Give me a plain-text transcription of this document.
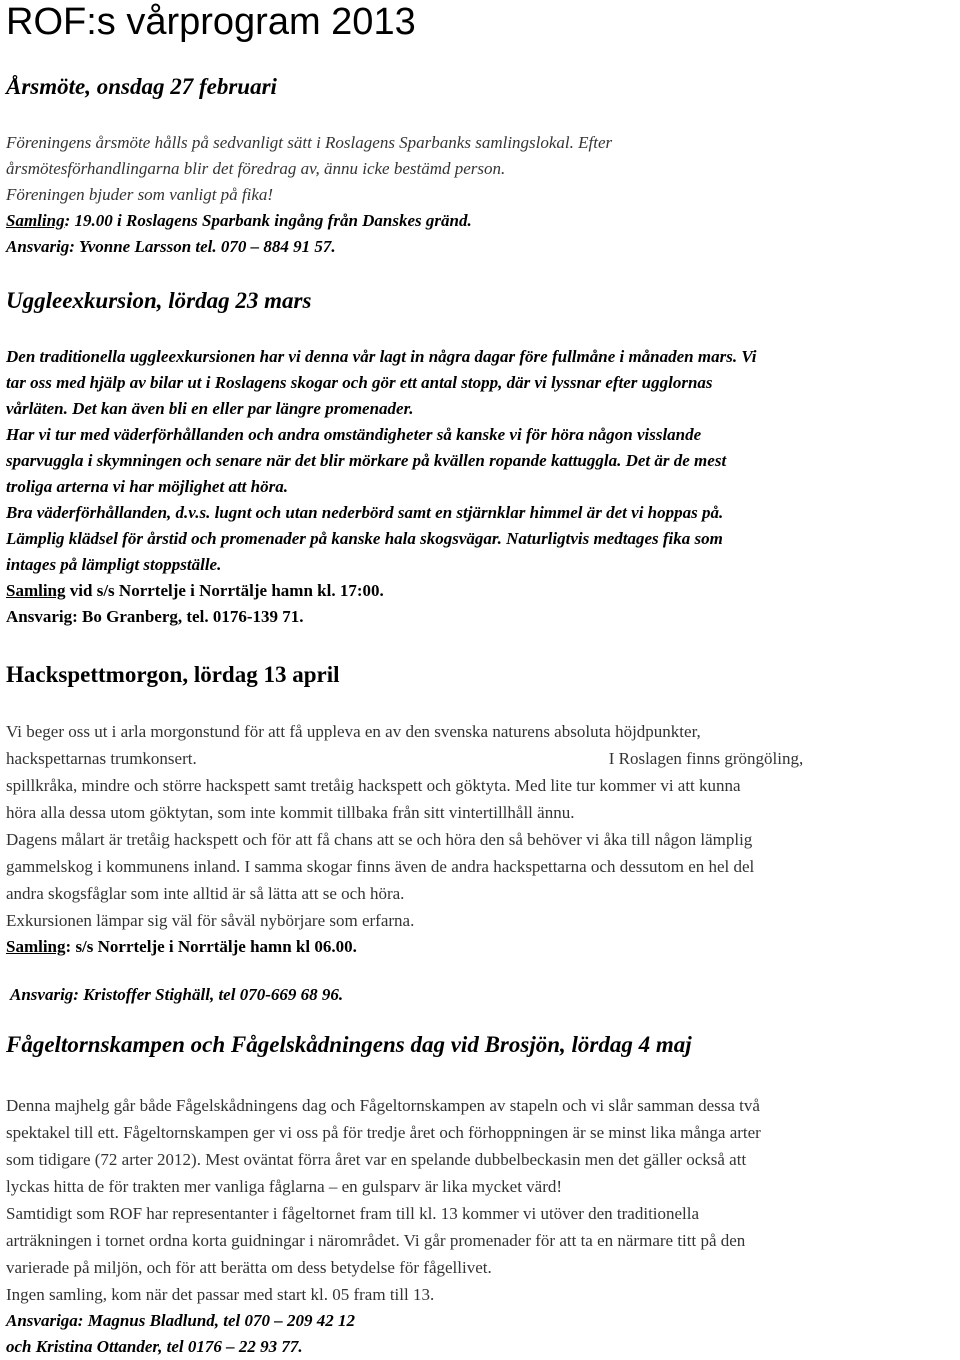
ROF:s vårprogram 2013
Årsmöte, onsdag 27 februari

Föreningens årsmöte hålls på sedvanligt sätt i Roslagens Sparbanks samlingslokal. Efter

årsmötesförhandlingarna blir det föredrag av, ännu icke bestämd person.

Föreningen bjuder som vanligt på fika!

Samling: 19.00 i Roslagens Sparbank ingång från Danskes gränd.

Ansvarig: Yvonne Larsson tel. 070 – 884 91 57.

Uggleexkursion, lördag 23 mars

Den traditionella uggleexkursionen har vi denna vår lagt in några dagar före fullmåne i månaden mars. Vi

tar oss med hjälp av bilar ut i Roslagens skogar och gör ett antal stopp, där vi lyssnar efter ugglornas

vårläten. Det kan även bli en eller par längre promenader.

Har vi tur med väderförhållanden och andra omständigheter så kanske vi för höra någon visslande

sparvuggla i skymningen och senare när det blir mörkare på kvällen ropande kattuggla. Det är de mest

troliga arterna vi har möjlighet att höra.

Bra väderförhållanden, d.v.s. lugnt och utan nederbörd samt en stjärnklar himmel är det vi hoppas på.

Lämplig klädsel för årstid och promenader på kanske hala skogsvägar. Naturligtvis medtages fika som

intages på lämpligt stoppställe.

Samling vid s/s Norrtelje i Norrtälje hamn kl. 17:00.

Ansvarig: Bo Granberg, tel. 0176-139 71.

Hackspettmorgon, lördag 13 april

Vi beger oss ut i arla morgonstund för att få uppleva en av den svenska naturens absoluta höjdpunkter,

hackspettarnas trumkonsert.	I Roslagen finns gröngöling,

spillkråka, mindre och större hackspett samt tretåig hackspett och göktyta. Med lite tur kommer vi att kunna

höra alla dessa utom göktytan, som inte kommit tillbaka från sitt vintertillhåll ännu.

Dagens målart är tretåig hackspett och för att få chans att se och höra den så behöver vi åka till någon lämplig

gammelskog i kommunens inland. I samma skogar finns även de andra hackspettarna och dessutom en hel del

andra skogsfåglar som inte alltid är så lätta att se och höra.

Exkursionen lämpar sig väl för såväl nybörjare som erfarna.

Samling: s/s Norrtelje i Norrtälje hamn kl 06.00.

Ansvarig: Kristoffer Stighäll, tel 070-669 68 96.

Fågeltornskampen och Fågelskådningens dag vid Brosjön, lördag 4 maj

Denna majhelg går både Fågelskådningens dag och Fågeltornskampen av stapeln och vi slår samman dessa två

spektakel till ett. Fågeltornskampen ger vi oss på för tredje året och förhoppningen är se minst lika många arter

som tidigare (72 arter 2012). Mest oväntat förra året var en spelande dubbelbeckasin men det gäller också att

lyckas hitta de för trakten mer vanliga fåglarna – en gulsparv är lika mycket värd!

Samtidigt som ROF har representanter i fågeltornet fram till kl. 13 kommer vi utöver den traditionella

arträkningen i tornet ordna korta guidningar i närområdet. Vi går promenader för att ta en närmare titt på den

varierade på miljön, och för att berätta om dess betydelse för fågellivet.

Ingen samling, kom när det passar med start kl. 05 fram till 13.

Ansvariga: Magnus Bladlund, tel 070 – 209 42 12

och Kristina Ottander, tel 0176 – 22 93 77.
